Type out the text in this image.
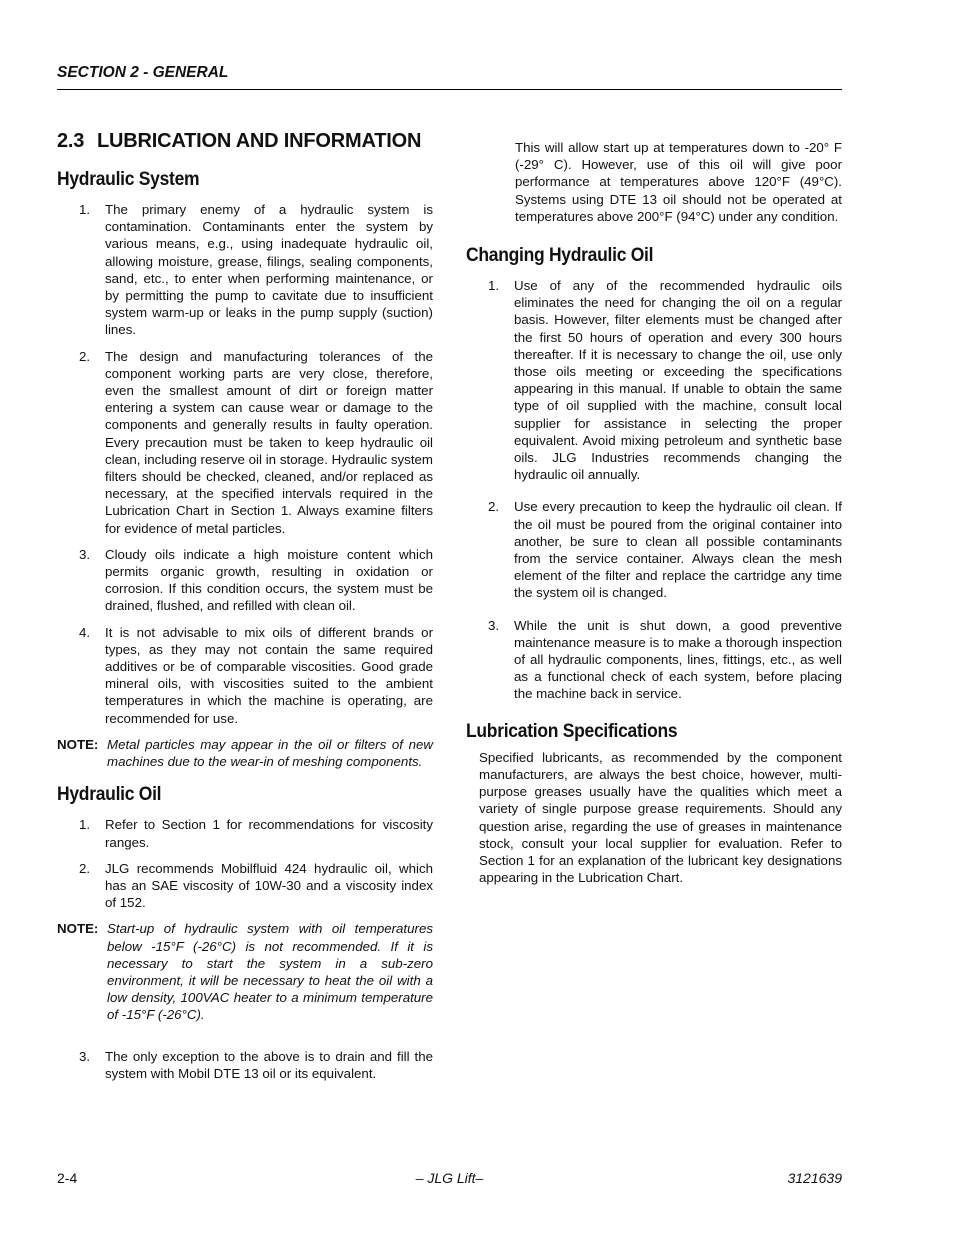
SECTION 2 - GENERAL
2.3 LUBRICATION AND INFORMATION
Hydraulic System
1. The primary enemy of a hydraulic system is contamination. Contaminants enter the system by various means, e.g., using inadequate hydraulic oil, allowing moisture, grease, filings, sealing components, sand, etc., to enter when performing maintenance, or by permitting the pump to cavitate due to insufficient system warm-up or leaks in the pump supply (suction) lines.
2. The design and manufacturing tolerances of the component working parts are very close, therefore, even the smallest amount of dirt or foreign matter entering a system can cause wear or damage to the components and generally results in faulty operation. Every precaution must be taken to keep hydraulic oil clean, including reserve oil in storage. Hydraulic system filters should be checked, cleaned, and/or replaced as necessary, at the specified intervals required in the Lubrication Chart in Section 1. Always examine filters for evidence of metal particles.
3. Cloudy oils indicate a high moisture content which permits organic growth, resulting in oxidation or corrosion. If this condition occurs, the system must be drained, flushed, and refilled with clean oil.
4. It is not advisable to mix oils of different brands or types, as they may not contain the same required additives or be of comparable viscosities. Good grade mineral oils, with viscosities suited to the ambient temperatures in which the machine is operating, are recommended for use.
NOTE: Metal particles may appear in the oil or filters of new machines due to the wear-in of meshing components.
Hydraulic Oil
1. Refer to Section 1 for recommendations for viscosity ranges.
2. JLG recommends Mobilfluid 424 hydraulic oil, which has an SAE viscosity of 10W-30 and a viscosity index of 152.
NOTE: Start-up of hydraulic system with oil temperatures below -15°F (-26°C) is not recommended. If it is necessary to start the system in a sub-zero environment, it will be necessary to heat the oil with a low density, 100VAC heater to a minimum temperature of -15°F (-26°C).
3. The only exception to the above is to drain and fill the system with Mobil DTE 13 oil or its equivalent.

This will allow start up at temperatures down to -20° F (-29° C). However, use of this oil will give poor performance at temperatures above 120°F (49°C). Systems using DTE 13 oil should not be operated at temperatures above 200°F (94°C) under any condition.

Changing Hydraulic Oil
1. Use of any of the recommended hydraulic oils eliminates the need for changing the oil on a regular basis. However, filter elements must be changed after the first 50 hours of operation and every 300 hours thereafter. If it is necessary to change the oil, use only those oils meeting or exceeding the specifications appearing in this manual. If unable to obtain the same type of oil supplied with the machine, consult local supplier for assistance in selecting the proper equivalent. Avoid mixing petroleum and synthetic base oils. JLG Industries recommends changing the hydraulic oil annually.
2. Use every precaution to keep the hydraulic oil clean. If the oil must be poured from the original container into another, be sure to clean all possible contaminants from the service container. Always clean the mesh element of the filter and replace the cartridge any time the system oil is changed.
3. While the unit is shut down, a good preventive maintenance measure is to make a thorough inspection of all hydraulic components, lines, fittings, etc., as well as a functional check of each system, before placing the machine back in service.
Lubrication Specifications

Specified lubricants, as recommended by the component manufacturers, are always the best choice, however, multi-purpose greases usually have the qualities which meet a variety of single purpose grease requirements. Should any question arise, regarding the use of greases in maintenance stock, consult your local supplier for evaluation. Refer to Section 1 for an explanation of the lubricant key designations appearing in the Lubrication Chart.

2-4	– JLG Lift–	3121639
